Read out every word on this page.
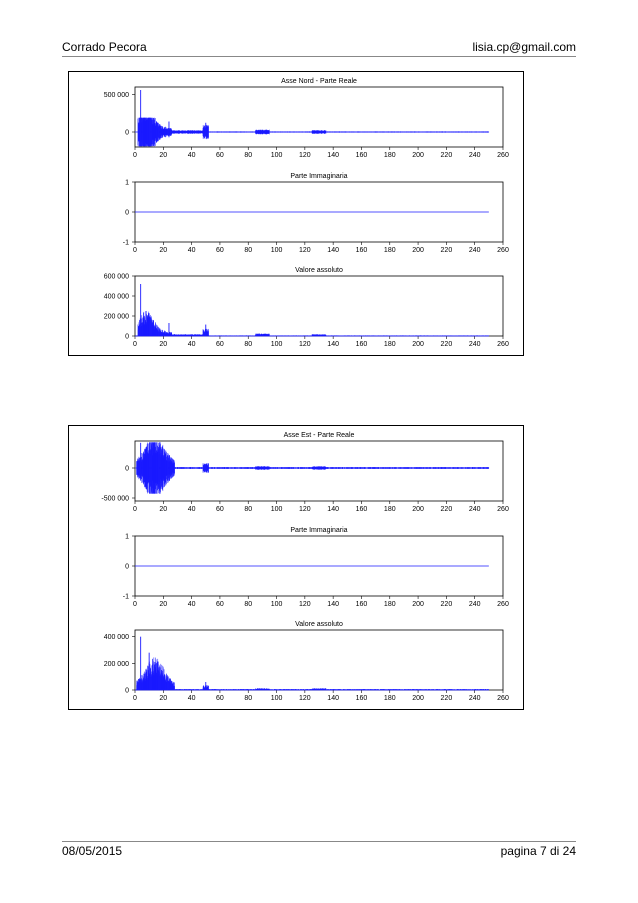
Corrado Pecora	lisia.cp@gmail.com
Asse Nord - Parte Reale
0	20	40	60	80	100 120 140 160 180 200 220 240 260
0
500 000
Parte Immaginaria
0	20	40	60	80	100 120 140 160 180 200 220 240 260
-1
0
1
Valore assoluto
0	20	40	60	80	100 120 140 160 180 200 220 240 260
0
200 000
400 000
600 000
Asse Est - Parte Reale
0	20	40	60	80	100 120 140 160 180 200 220 240 260
-500 000
0
Parte Immaginaria
0	20	40	60	80	100 120 140 160 180 200 220 240 260
-1
0
1
Valore assoluto
0	20	40	60	80	100 120 140 160 180 200 220 240 260
0
200 000
400 000
08/05/2015	pagina 7 di 24
